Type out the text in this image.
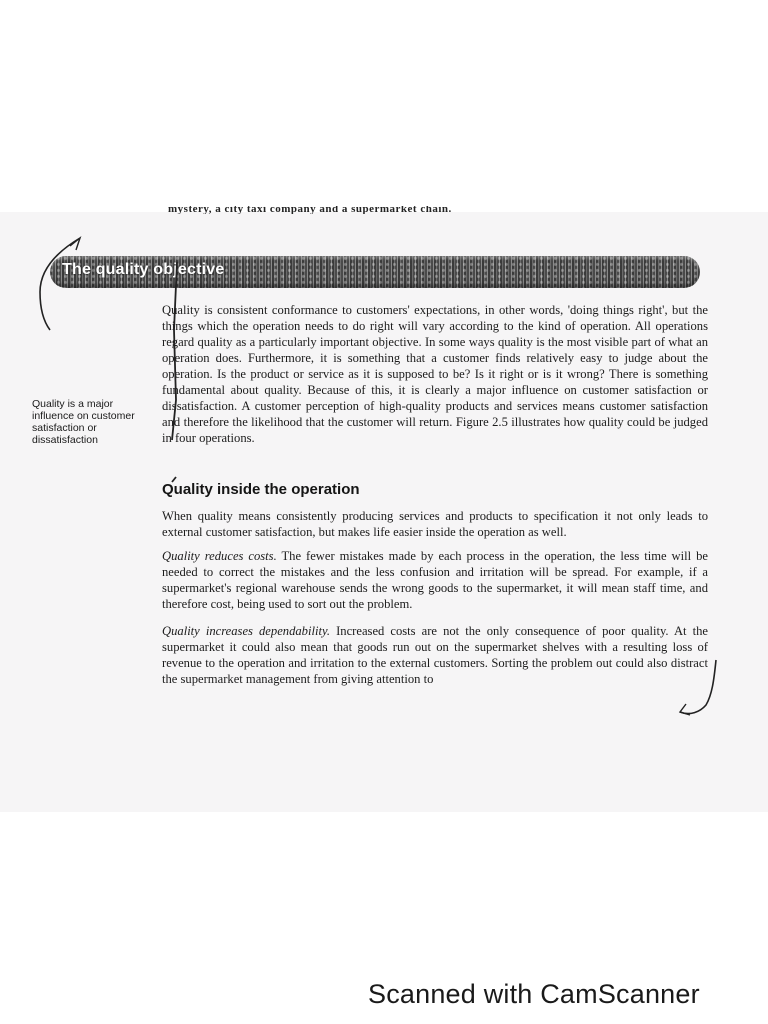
mystery, a city taxi company and a supermarket chain.
The quality objective
Quality is a major influence on customer satisfaction or dissatisfaction

Quality is consistent conformance to customers' expectations, in other words, 'doing things right', but the things which the operation needs to do right will vary according to the kind of operation. All operations regard quality as a particularly important objective. In some ways quality is the most visible part of what an operation does. Furthermore, it is something that a customer finds relatively easy to judge about the operation. Is the product or service as it is supposed to be? Is it right or is it wrong? There is something fundamental about quality. Because of this, it is clearly a major influence on customer satisfaction or dissatisfaction. A customer perception of high-quality products and services means customer satisfaction and therefore the likelihood that the customer will return. Figure 2.5 illustrates how quality could be judged in four operations.

Quality inside the operation

When quality means consistently producing services and products to specification it not only leads to external customer satisfaction, but makes life easier inside the operation as well.

Quality reduces costs. The fewer mistakes made by each process in the operation, the less time will be needed to correct the mistakes and the less confusion and irritation will be spread. For example, if a supermarket's regional warehouse sends the wrong goods to the supermarket, it will mean staff time, and therefore cost, being used to sort out the problem.

Quality increases dependability. Increased costs are not the only consequence of poor quality. At the supermarket it could also mean that goods run out on the supermarket shelves with a resulting loss of revenue to the operation and irritation to the external customers. Sorting the problem out could also distract the supermarket management from giving attention to

Scanned with CamScanner
